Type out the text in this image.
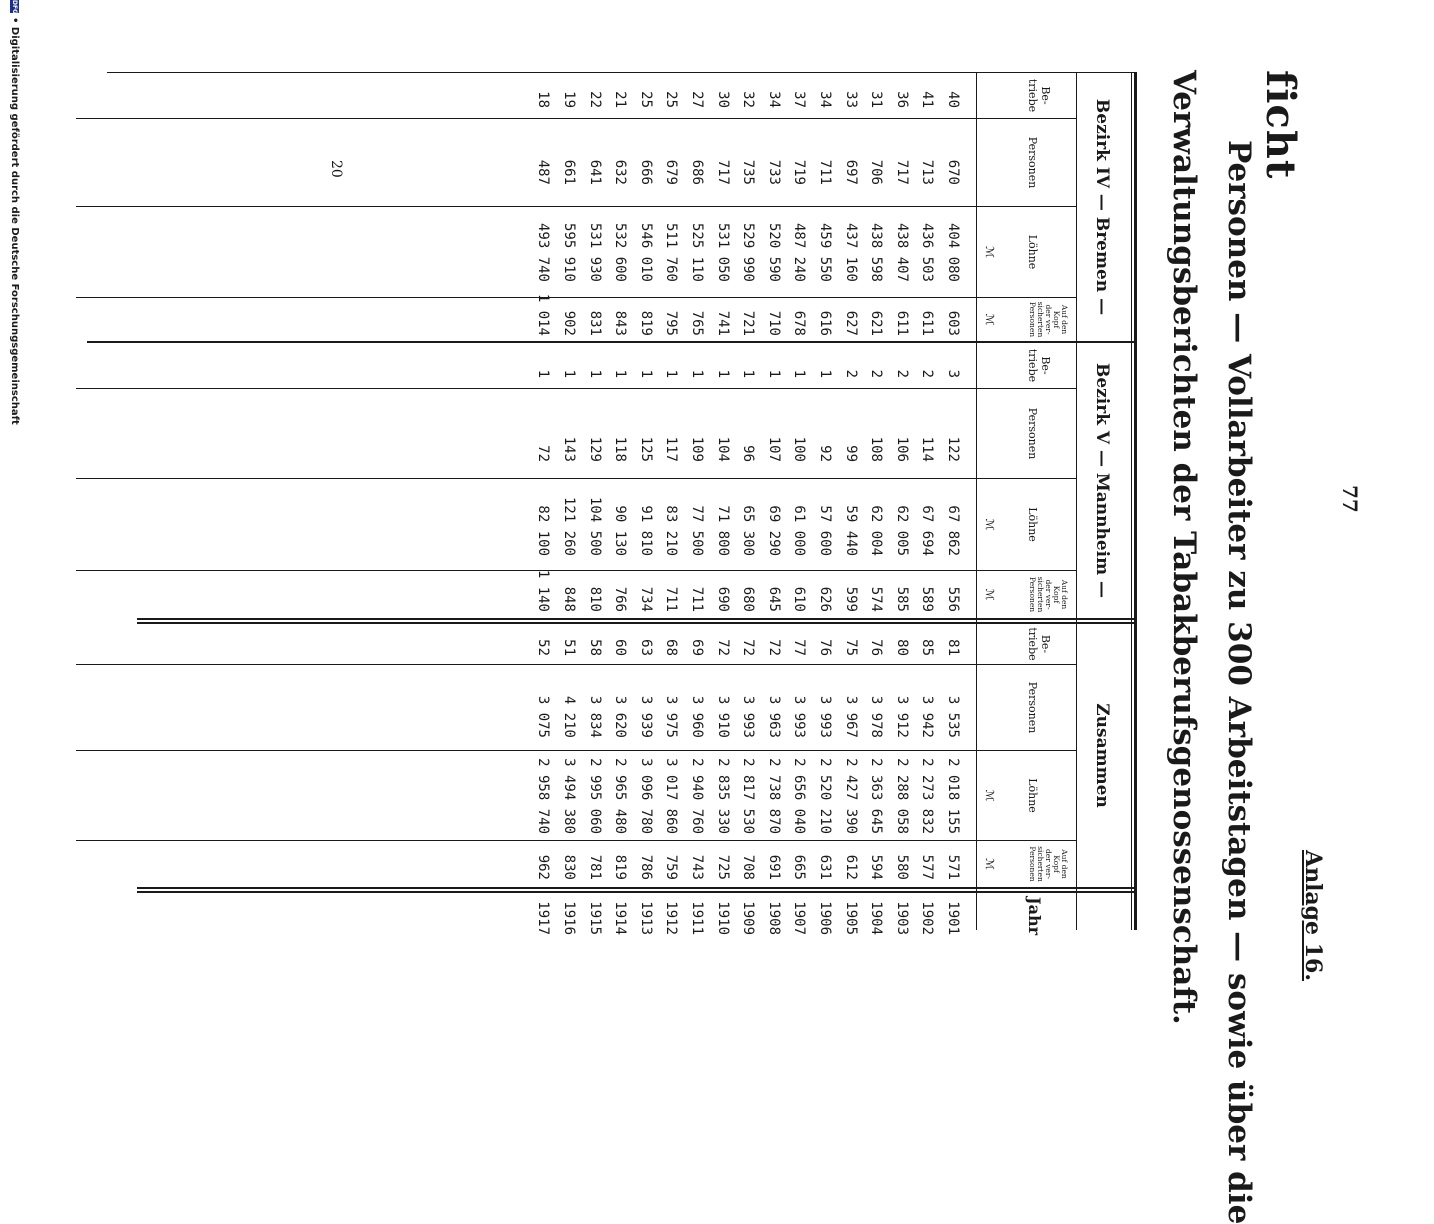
77
Anlage 16.
ficht
Personen — Vollarbeiter zu 300 Arbeitstagen — sowie über die
Verwaltungsberichten der Tabakberufsgenossenschaft.
Bezirk IV — Bremen —
Bezirk V — Mannheim —
Zusammen
Jahr
Be-
triebe
Personen
Löhne
Auf den
Kopf
der ver-
sicherten
Personen
ℳ
ℳ
Be-
triebe
Personen
Löhne
Auf den
Kopf
der ver-
sicherten
Personen
ℳ
ℳ
Be-
triebe
Personen
Löhne
Auf den
Kopf
der ver-
sicherten
Personen
ℳ
ℳ
40
670
404 080
603
3
122
67 862
556
81
3 535
2 018 155
571
1901
41
713
436 503
611
2
114
67 694
589
85
3 942
2 273 832
577
1902
36
717
438 407
611
2
106
62 005
585
80
3 912
2 288 058
580
1903
31
706
438 598
621
2
108
62 004
574
76
3 978
2 363 645
594
1904
33
697
437 160
627
2
99
59 440
599
75
3 967
2 427 390
612
1905
34
711
459 550
616
1
92
57 600
626
76
3 993
2 520 210
631
1906
37
719
487 240
678
1
100
61 000
610
77
3 993
2 656 040
665
1907
34
733
520 590
710
1
107
69 290
645
72
3 963
2 738 870
691
1908
32
735
529 990
721
1
96
65 300
680
72
3 993
2 817 530
708
1909
30
717
531 050
741
1
104
71 800
690
72
3 910
2 835 330
725
1910
27
686
525 110
765
1
109
77 500
711
69
3 960
2 940 760
743
1911
25
679
511 760
795
1
117
83 210
711
68
3 975
3 017 860
759
1912
25
666
546 010
819
1
125
91 810
734
63
3 939
3 096 780
786
1913
21
632
532 600
843
1
118
90 130
766
60
3 620
2 965 480
819
1914
22
641
531 930
831
1
129
104 500
810
58
3 834
2 995 060
781
1915
19
661
595 910
902
1
143
121 260
848
51
4 210
3 494 380
830
1916
18
487
493 740
1 014
1
72
82 100
1 140
52
3 075
2 958 740
962
1917
20
DFG• Digitalisierung gefördert durch die Deutsche Forschungsgemeinschaft
